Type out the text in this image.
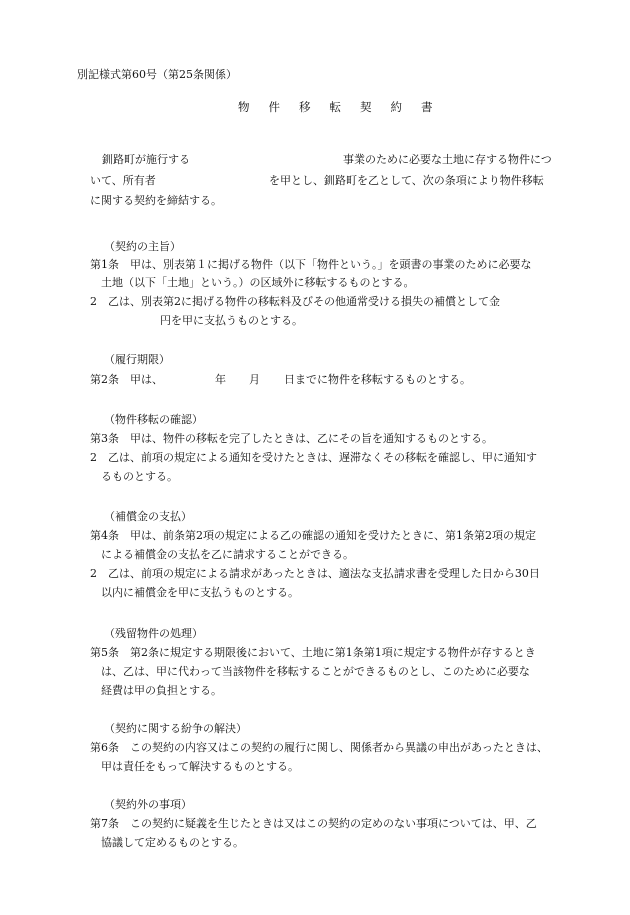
別記様式第60号（第25条関係）
物 件 移 転 契 約 書
釧路町が施行する	事業のために必要な土地に存する物件につ
いて、所有者	を甲とし、釧路町を乙として、次の条項により物件移転
に関する契約を締結する。
（契約の主旨）
第1条　甲は、別表第１に掲げる物件（以下「物件という。」を頭書の事業のために必要な
土地（以下「土地」という。）の区域外に移転するものとする。
2　乙は、別表第2に掲げる物件の移転料及びその他通常受ける損失の補償として金
円を甲に支払うものとする。
（履行期限）
第2条　甲は、	年 月 日までに物件を移転するものとする。
（物件移転の確認）
第3条　甲は、物件の移転を完了したときは、乙にその旨を通知するものとする。
2　乙は、前項の規定による通知を受けたときは、遅滞なくその移転を確認し、甲に通知す
るものとする。
（補償金の支払）
第4条　甲は、前条第2項の規定による乙の確認の通知を受けたときに、第1条第2項の規定
による補償金の支払を乙に請求することができる。
2　乙は、前項の規定による請求があったときは、適法な支払請求書を受理した日から30日
以内に補償金を甲に支払うものとする。
（残留物件の処理）
第5条　第2条に規定する期限後において、土地に第1条第1項に規定する物件が存するとき
は、乙は、甲に代わって当該物件を移転することができるものとし、このために必要な
経費は甲の負担とする。
（契約に関する紛争の解決）
第6条　この契約の内容又はこの契約の履行に関し、関係者から異議の申出があったときは、
甲は責任をもって解決するものとする。
（契約外の事項）
第7条　この契約に疑義を生じたときは又はこの契約の定めのない事項については、甲、乙
協議して定めるものとする。
